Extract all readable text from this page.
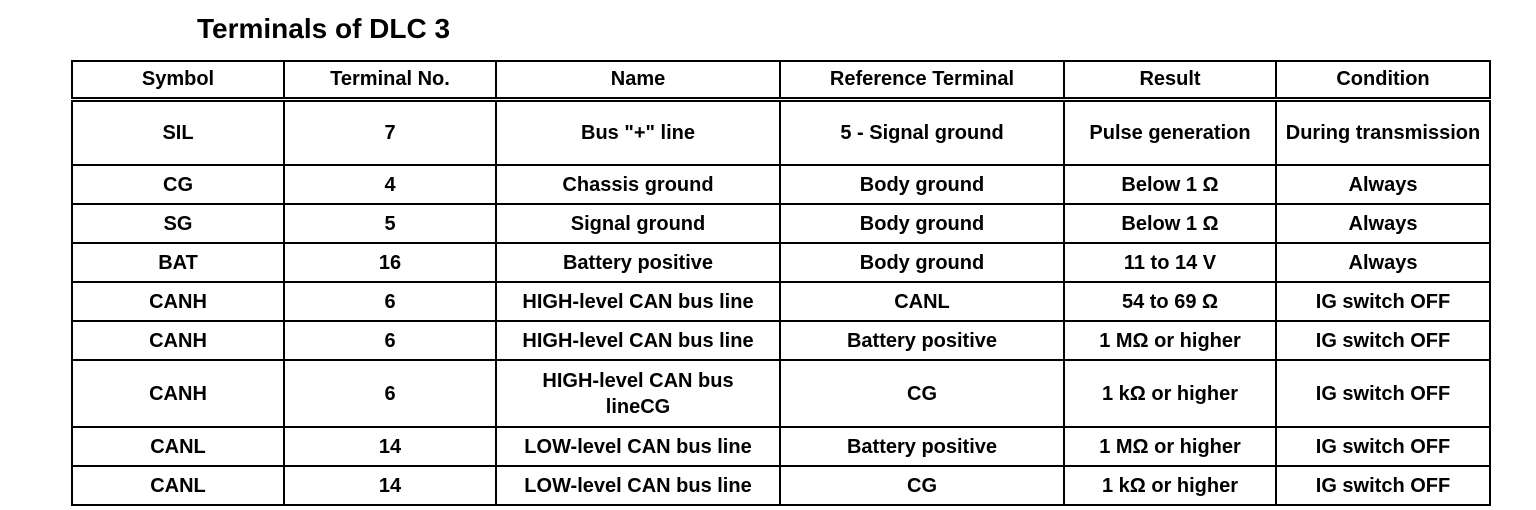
Terminals of DLC 3
Symbol	Terminal No.	Name	Reference Terminal	Result	Condition
SIL	7	Bus "+" line	5 - Signal ground	Pulse generation	During transmission
CG	4	Chassis ground	Body ground	Below 1 Ω	Always
SG	5	Signal ground	Body ground	Below 1 Ω	Always
BAT	16	Battery positive	Body ground	11 to 14 V	Always
CANH	6	HIGH-level CAN bus line	CANL	54 to 69 Ω	IG switch OFF
CANH	6	HIGH-level CAN bus line	Battery positive	1 MΩ or higher	IG switch OFF
CANH	6	HIGH-level CAN bus lineCG	CG	1 kΩ or higher	IG switch OFF
CANL	14	LOW-level CAN bus line	Battery positive	1 MΩ or higher	IG switch OFF
CANL	14	LOW-level CAN bus line	CG	1 kΩ or higher	IG switch OFF
